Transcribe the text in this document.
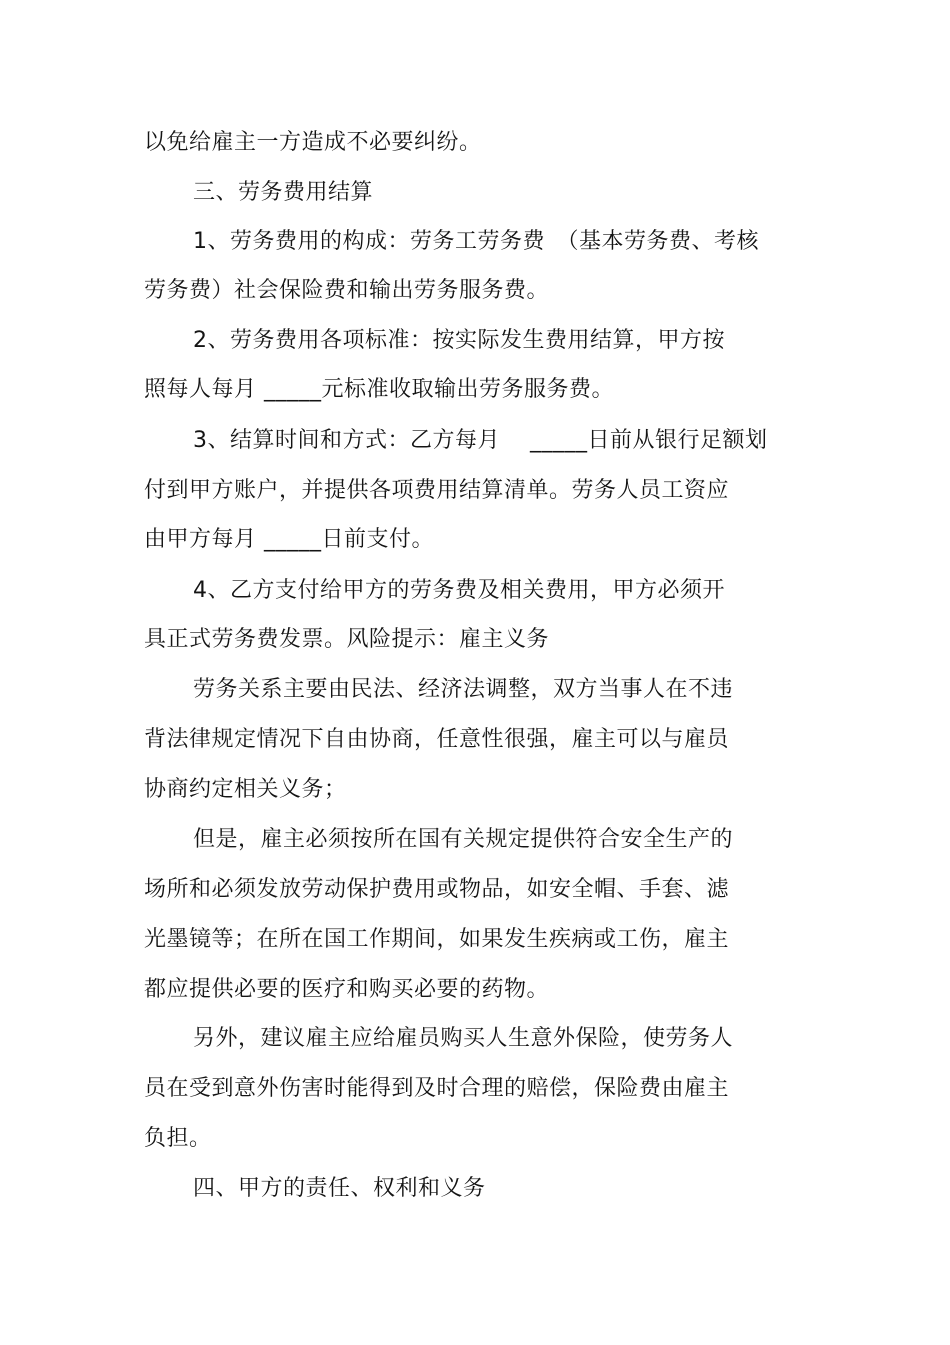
以免给雇主一方造成不必要纠纷。
三、劳务费用结算
1、劳务费用的构成：劳务工劳务费　（基本劳务费、考核
劳务费）社会保险费和输出劳务服务费。
2、劳务费用各项标准：按实际发生费用结算，甲方按
照每人每月 _____元标准收取输出劳务服务费。
3、结算时间和方式：乙方每月　 _____日前从银行足额划
付到甲方账户，并提供各项费用结算清单。劳务人员工资应
由甲方每月 _____日前支付。
4、乙方支付给甲方的劳务费及相关费用，甲方必须开
具正式劳务费发票。风险提示：雇主义务
劳务关系主要由民法、经济法调整，双方当事人在不违
背法律规定情况下自由协商，任意性很强，雇主可以与雇员
协商约定相关义务；
但是，雇主必须按所在国有关规定提供符合安全生产的
场所和必须发放劳动保护费用或物品，如安全帽、手套、滤
光墨镜等；在所在国工作期间，如果发生疾病或工伤，雇主
都应提供必要的医疗和购买必要的药物。
另外，建议雇主应给雇员购买人生意外保险，使劳务人
员在受到意外伤害时能得到及时合理的赔偿，保险费由雇主
负担。
四、甲方的责任、权利和义务
